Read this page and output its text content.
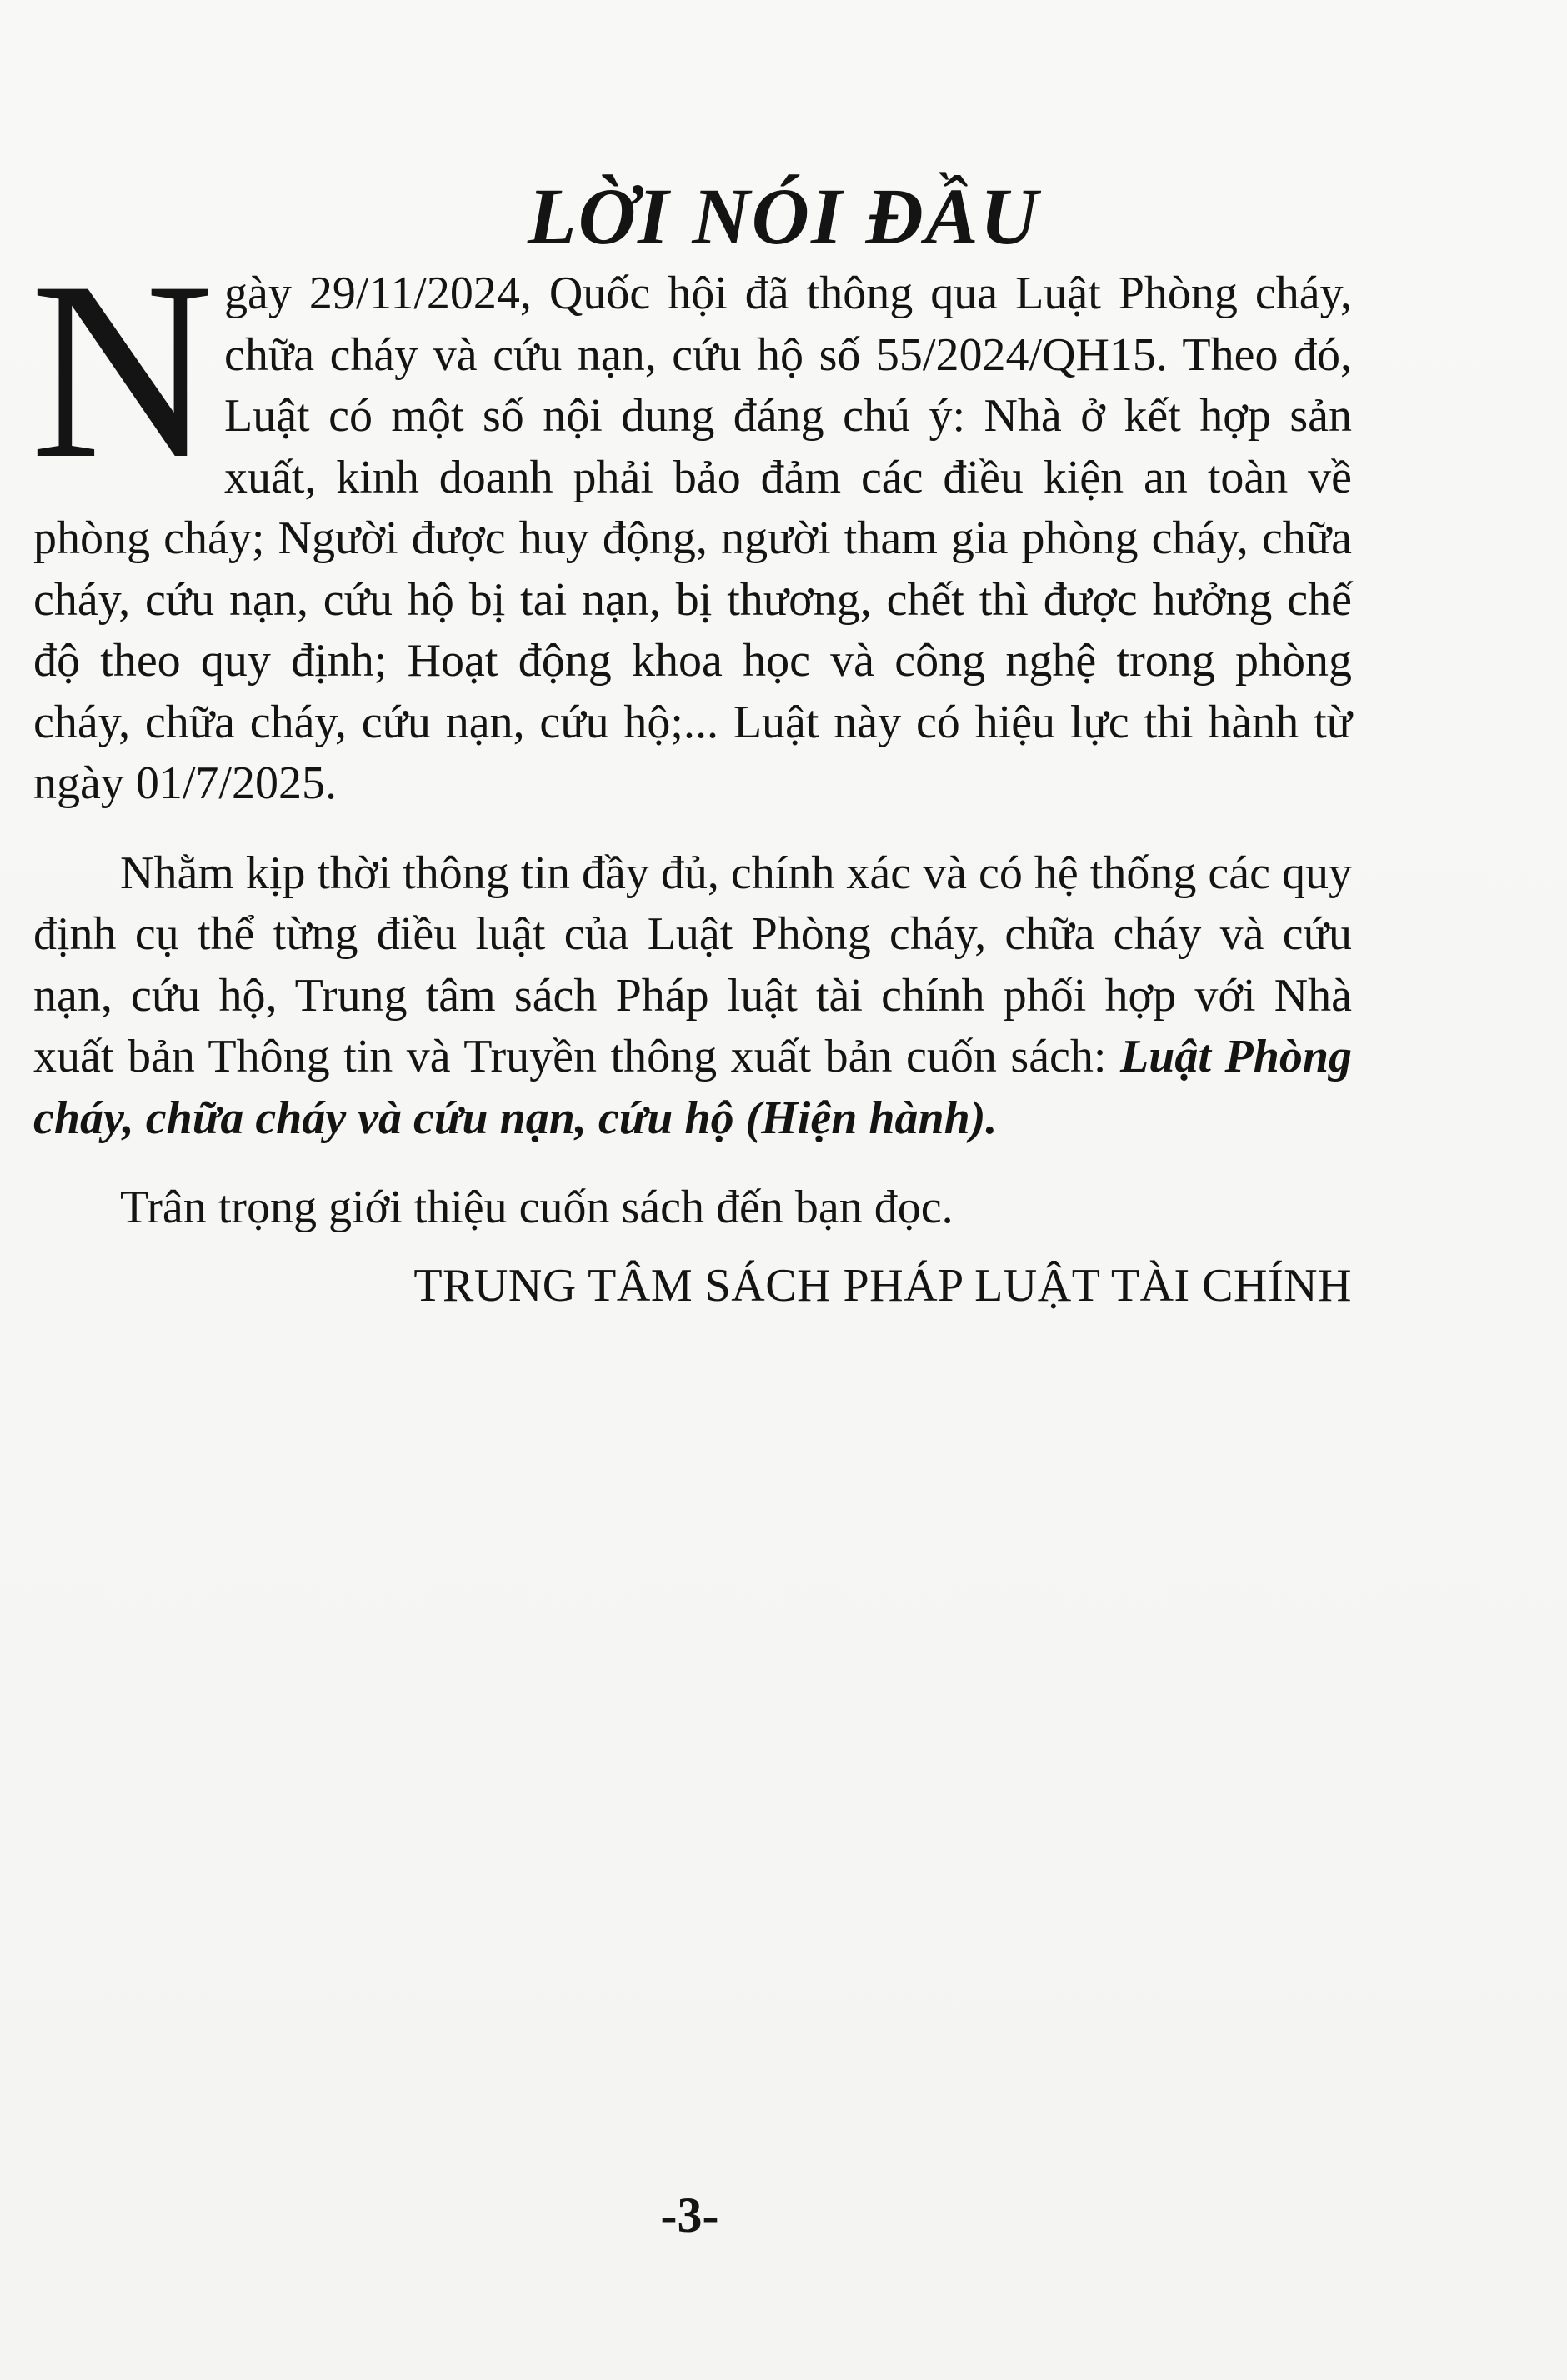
LỜI NÓI ĐẦU

Ngày 29/11/2024, Quốc hội đã thông qua Luật Phòng cháy, chữa cháy và cứu nạn, cứu hộ số 55/2024/QH15. Theo đó, Luật có một số nội dung đáng chú ý: Nhà ở kết hợp sản xuất, kinh doanh phải bảo đảm các điều kiện an toàn về phòng cháy; Người được huy động, người tham gia phòng cháy, chữa cháy, cứu nạn, cứu hộ bị tai nạn, bị thương, chết thì được hưởng chế độ theo quy định; Hoạt động khoa học và công nghệ trong phòng cháy, chữa cháy, cứu nạn, cứu hộ;... Luật này có hiệu lực thi hành từ ngày 01/7/2025.

Nhằm kịp thời thông tin đầy đủ, chính xác và có hệ thống các quy định cụ thể từng điều luật của Luật Phòng cháy, chữa cháy và cứu nạn, cứu hộ, Trung tâm sách Pháp luật tài chính phối hợp với Nhà xuất bản Thông tin và Truyền thông xuất bản cuốn sách: Luật Phòng cháy, chữa cháy và cứu nạn, cứu hộ (Hiện hành).

Trân trọng giới thiệu cuốn sách đến bạn đọc.

TRUNG TÂM SÁCH PHÁP LUẬT TÀI CHÍNH
-3-
